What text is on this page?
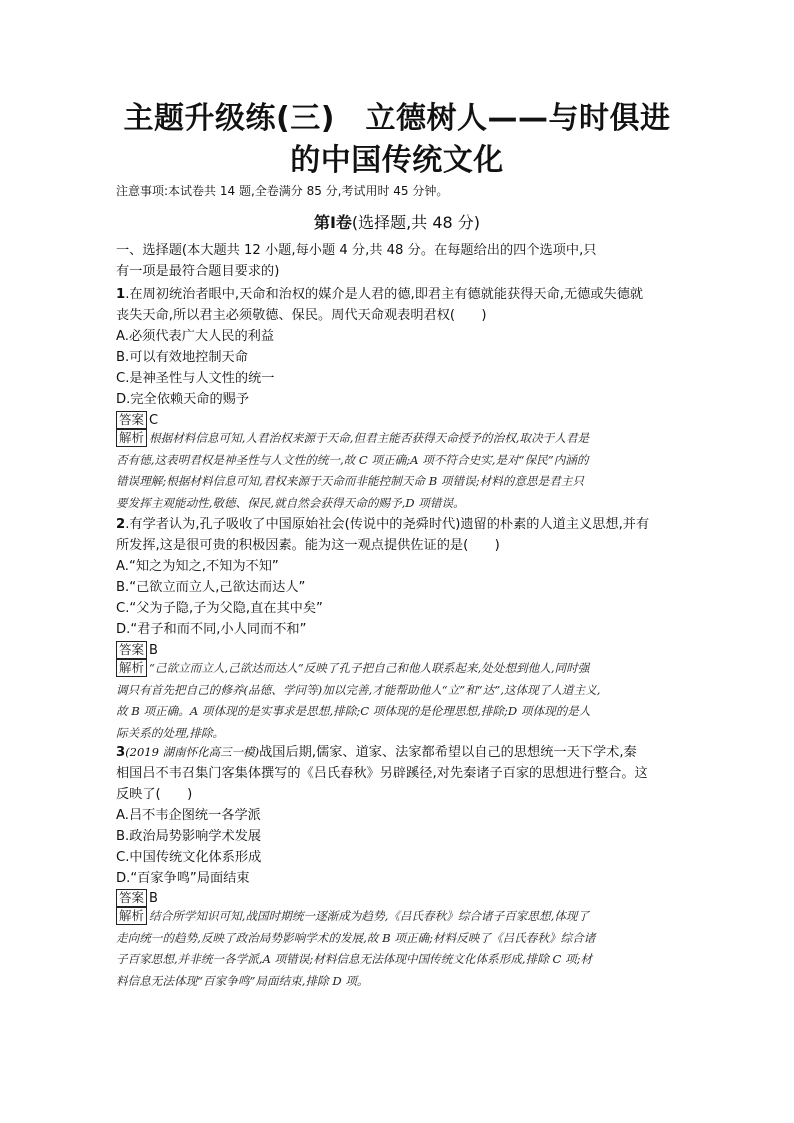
主题升级练(三)　立德树人——与时俱进
的中国传统文化
注意事项:本试卷共 14 题,全卷满分 85 分,考试用时 45 分钟。
第Ⅰ卷(选择题,共 48 分)
一、选择题(本大题共 12 小题,每小题 4 分,共 48 分。在每题给出的四个选项中,只
有一项是最符合题目要求的)
1.在周初统治者眼中,天命和治权的媒介是人君的德,即君主有德就能获得天命,无德或失德就
丧失天命,所以君主必须敬德、保民。周代天命观表明君权(　　)
A.必须代表广大人民的利益
B.可以有效地控制天命
C.是神圣性与人文性的统一
D.完全依赖天命的赐予
答案 C
解析 根据材料信息可知,人君治权来源于天命,但君主能否获得天命授予的治权,取决于人君是
否有德,这表明君权是神圣性与人文性的统一,故 C 项正确;A 项不符合史实,是对“保民”内涵的
错误理解;根据材料信息可知,君权来源于天命而非能控制天命 B 项错误;材料的意思是君主只
要发挥主观能动性,敬德、保民,就自然会获得天命的赐予,D 项错误。
2.有学者认为,孔子吸收了中国原始社会(传说中的尧舜时代)遗留的朴素的人道主义思想,并有
所发挥,这是很可贵的积极因素。能为这一观点提供佐证的是(　　)
A.“知之为知之,不知为不知”
B.“己欲立而立人,己欲达而达人”
C.“父为子隐,子为父隐,直在其中矣”
D.“君子和而不同,小人同而不和”
答案 B
解析 “己欲立而立人,己欲达而达人”反映了孔子把自己和他人联系起来,处处想到他人,同时强
调只有首先把自己的修养(品德、学问等)加以完善,才能帮助他人“立”和“达”,这体现了人道主义,
故 B 项正确。A 项体现的是实事求是思想,排除;C 项体现的是伦理思想,排除;D 项体现的是人
际关系的处理,排除。
3(2019 湖南怀化高三一模)战国后期,儒家、道家、法家都希望以自己的思想统一天下学术,秦
相国吕不韦召集门客集体撰写的《吕氏春秋》另辟蹊径,对先秦诸子百家的思想进行整合。这
反映了(　　)
A.吕不韦企图统一各学派
B.政治局势影响学术发展
C.中国传统文化体系形成
D.“百家争鸣”局面结束
答案 B
解析 结合所学知识可知,战国时期统一逐渐成为趋势,《吕氏春秋》综合诸子百家思想,体现了
走向统一的趋势,反映了政治局势影响学术的发展,故 B 项正确;材料反映了《吕氏春秋》综合诸
子百家思想,并非统一各学派,A 项错误;材料信息无法体现中国传统文化体系形成,排除 C 项;材
料信息无法体现“百家争鸣”局面结束,排除 D 项。
